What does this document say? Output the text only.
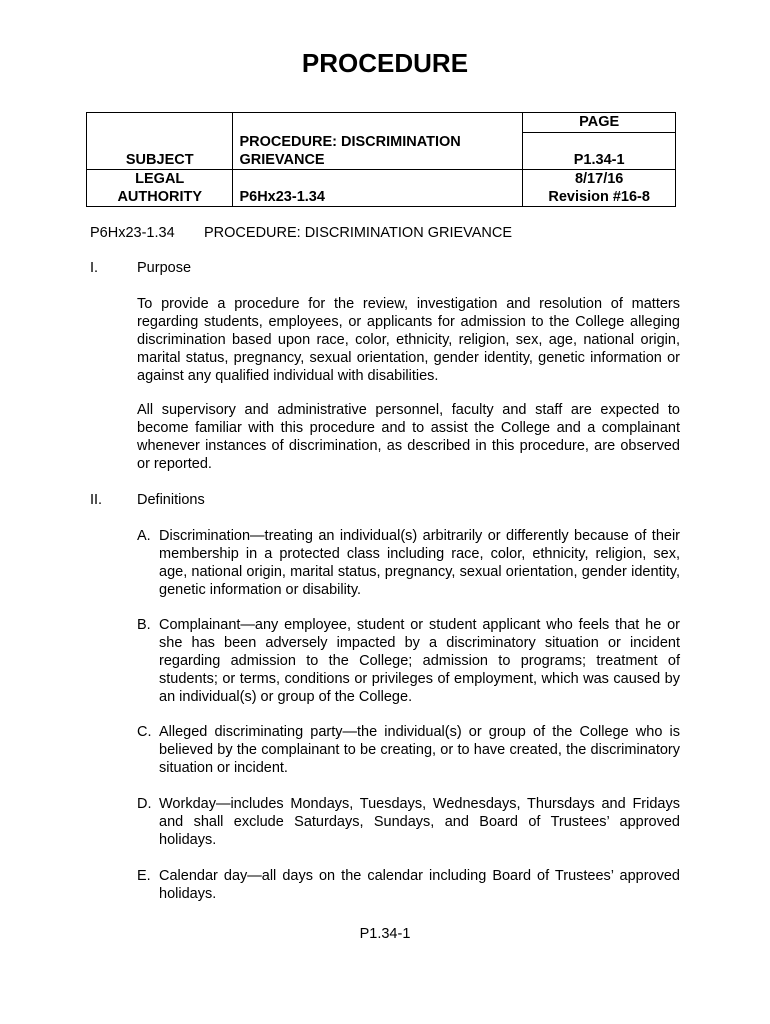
PROCEDURE
SUBJECT	PROCEDURE: DISCRIMINATION GRIEVANCE	PAGE
P1.34-1

LEGAL AUTHORITY	P6Hx23-1.34	8/17/16
Revision #16-8
P6Hx23-1.34 PROCEDURE: DISCRIMINATION GRIEVANCE
I.	Purpose
To provide a procedure for the review, investigation and resolution of matters regarding students, employees, or applicants for admission to the College alleging discrimination based upon race, color, ethnicity, religion, sex, age, national origin, marital status, pregnancy, sexual orientation, gender identity, genetic information or against any qualified individual with disabilities.
All supervisory and administrative personnel, faculty and staff are expected to become familiar with this procedure and to assist the College and a complainant whenever instances of discrimination, as described in this procedure, are observed or reported.
II. Definitions
A. Discrimination—treating an individual(s) arbitrarily or differently because of their membership in a protected class including race, color, ethnicity, religion, sex, age, national origin, marital status, pregnancy, sexual orientation, gender identity, genetic information or disability.
B. Complainant—any employee, student or student applicant who feels that he or she has been adversely impacted by a discriminatory situation or incident regarding admission to the College; admission to programs; treatment of students; or terms, conditions or privileges of employment, which was caused by an individual(s) or group of the College.
C. Alleged discriminating party—the individual(s) or group of the College who is believed by the complainant to be creating, or to have created, the discriminatory situation or incident.
D. Workday—includes Mondays, Tuesdays, Wednesdays, Thursdays and Fridays and shall exclude Saturdays, Sundays, and Board of Trustees’ approved holidays.
E. Calendar day—all days on the calendar including Board of Trustees’ approved holidays.
P1.34-1
